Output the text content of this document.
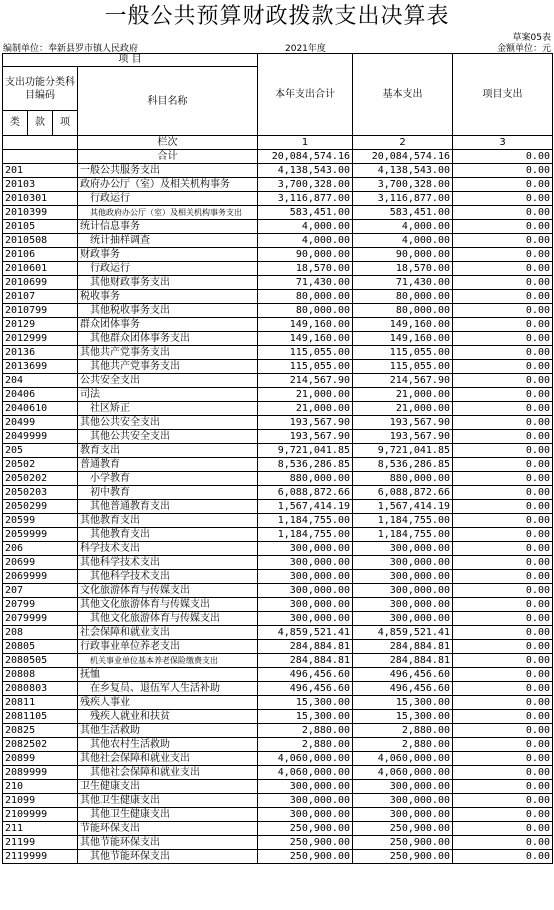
一般公共预算财政拨款支出决算表
草案05表
编制单位：奉新县罗市镇人民政府	2021年度	金额单位：元
项 目				本年支出合计	基本支出	项目支出
支出功能分类科目编码			科目名称			
类	款	项				
			栏次	1	2	3
			合计	20,084,574.16	20,084,574.16	0.00
201			一般公共服务支出	4,138,543.00	4,138,543.00	0.00
20103			政府办公厅（室）及相关机构事务	3,700,328.00	3,700,328.00	0.00
2010301			行政运行	3,116,877.00	3,116,877.00	0.00
2010399			其他政府办公厅（室）及相关机构事务支出	583,451.00	583,451.00	0.00
20105			统计信息事务	4,000.00	4,000.00	0.00
2010508			统计抽样调查	4,000.00	4,000.00	0.00
20106			财政事务	90,000.00	90,000.00	0.00
2010601			行政运行	18,570.00	18,570.00	0.00
2010699			其他财政事务支出	71,430.00	71,430.00	0.00
20107			税收事务	80,000.00	80,000.00	0.00
2010799			其他税收事务支出	80,000.00	80,000.00	0.00
20129			群众团体事务	149,160.00	149,160.00	0.00
2012999			其他群众团体事务支出	149,160.00	149,160.00	0.00
20136			其他共产党事务支出	115,055.00	115,055.00	0.00
2013699			其他共产党事务支出	115,055.00	115,055.00	0.00
204			公共安全支出	214,567.90	214,567.90	0.00
20406			司法	21,000.00	21,000.00	0.00
2040610			社区矫正	21,000.00	21,000.00	0.00
20499			其他公共安全支出	193,567.90	193,567.90	0.00
2049999			其他公共安全支出	193,567.90	193,567.90	0.00
205			教育支出	9,721,041.85	9,721,041.85	0.00
20502			普通教育	8,536,286.85	8,536,286.85	0.00
2050202			小学教育	880,000.00	880,000.00	0.00
2050203			初中教育	6,088,872.66	6,088,872.66	0.00
2050299			其他普通教育支出	1,567,414.19	1,567,414.19	0.00
20599			其他教育支出	1,184,755.00	1,184,755.00	0.00
2059999			其他教育支出	1,184,755.00	1,184,755.00	0.00
206			科学技术支出	300,000.00	300,000.00	0.00
20699			其他科学技术支出	300,000.00	300,000.00	0.00
2069999			其他科学技术支出	300,000.00	300,000.00	0.00
207			文化旅游体育与传媒支出	300,000.00	300,000.00	0.00
20799			其他文化旅游体育与传媒支出	300,000.00	300,000.00	0.00
2079999			其他文化旅游体育与传媒支出	300,000.00	300,000.00	0.00
208			社会保障和就业支出	4,859,521.41	4,859,521.41	0.00
20805			行政事业单位养老支出	284,884.81	284,884.81	0.00
2080505			机关事业单位基本养老保险缴费支出	284,884.81	284,884.81	0.00
20808			抚恤	496,456.60	496,456.60	0.00
2080803			在乡复员、退伍军人生活补助	496,456.60	496,456.60	0.00
20811			残疾人事业	15,300.00	15,300.00	0.00
2081105			残疾人就业和扶贫	15,300.00	15,300.00	0.00
20825			其他生活救助	2,880.00	2,880.00	0.00
2082502			其他农村生活救助	2,880.00	2,880.00	0.00
20899			其他社会保障和就业支出	4,060,000.00	4,060,000.00	0.00
2089999			其他社会保障和就业支出	4,060,000.00	4,060,000.00	0.00
210			卫生健康支出	300,000.00	300,000.00	0.00
21099			其他卫生健康支出	300,000.00	300,000.00	0.00
2109999			其他卫生健康支出	300,000.00	300,000.00	0.00
211			节能环保支出	250,900.00	250,900.00	0.00
21199			其他节能环保支出	250,900.00	250,900.00	0.00
2119999			其他节能环保支出	250,900.00	250,900.00	0.00
